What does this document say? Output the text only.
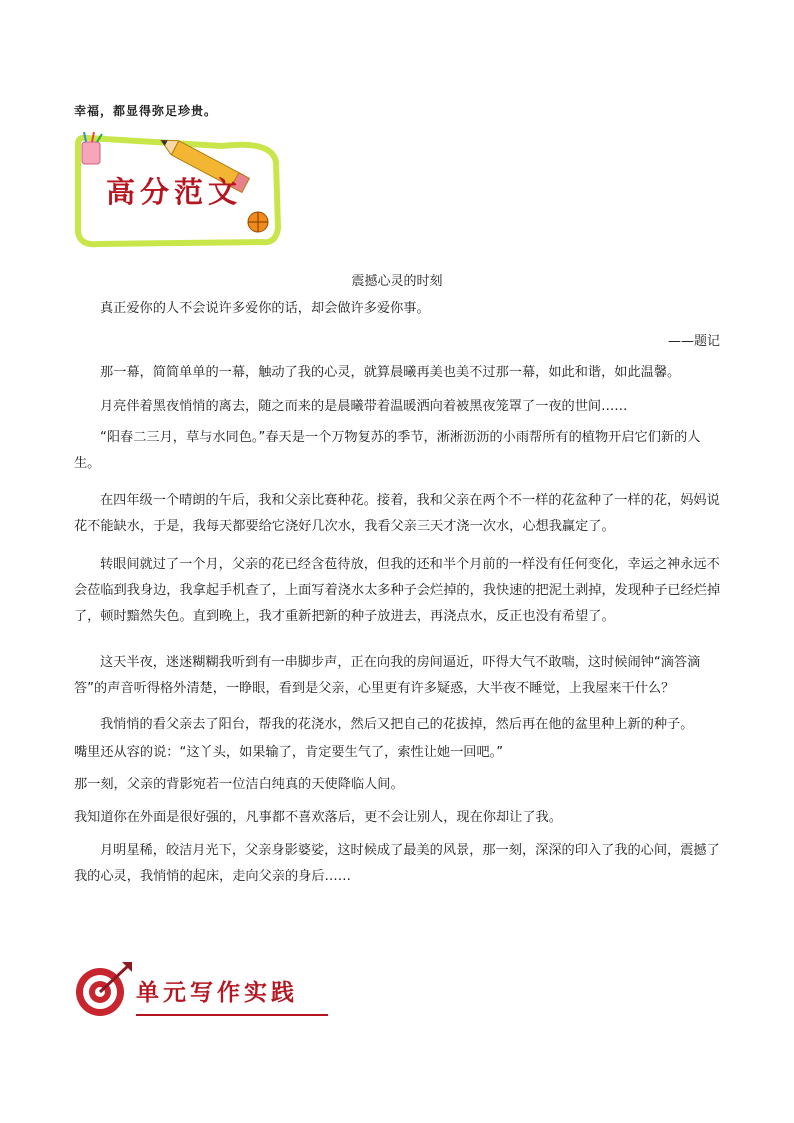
幸福，都显得弥足珍贵。
高分范文
震撼心灵的时刻
真正爱你的人不会说许多爱你的话，却会做许多爱你事。
——题记
那一幕，简简单单的一幕，触动了我的心灵，就算晨曦再美也美不过那一幕，如此和谐，如此温馨。
月亮伴着黑夜悄悄的离去，随之而来的是晨曦带着温暖洒向着被黑夜笼罩了一夜的世间……
“阳春二三月，草与水同色。”春天是一个万物复苏的季节，淅淅沥沥的小雨帮所有的植物开启它们新的人生。
在四年级一个晴朗的午后，我和父亲比赛种花。接着，我和父亲在两个不一样的花盆种了一样的花，妈妈说花不能缺水，于是，我每天都要给它浇好几次水，我看父亲三天才浇一次水，心想我赢定了。
转眼间就过了一个月，父亲的花已经含苞待放，但我的还和半个月前的一样没有任何变化，幸运之神永远不会莅临到我身边，我拿起手机查了，上面写着浇水太多种子会烂掉的，我快速的把泥土剥掉，发现种子已经烂掉了，顿时黯然失色。直到晚上，我才重新把新的种子放进去，再浇点水，反正也没有希望了。
这天半夜，迷迷糊糊我听到有一串脚步声，正在向我的房间逼近，吓得大气不敢喘，这时候闹钟“滴答滴答”的声音听得格外清楚，一睁眼，看到是父亲，心里更有许多疑惑，大半夜不睡觉，上我屋来干什么？
我悄悄的看父亲去了阳台，帮我的花浇水，然后又把自己的花拔掉，然后再在他的盆里种上新的种子。
嘴里还从容的说：“这丫头，如果输了，肯定要生气了，索性让她一回吧。”
那一刻，父亲的背影宛若一位洁白纯真的天使降临人间。
我知道你在外面是很好强的，凡事都不喜欢落后，更不会让别人，现在你却让了我。
月明星稀，皎洁月光下，父亲身影婆娑，这时候成了最美的风景，那一刻，深深的印入了我的心间，震撼了我的心灵，我悄悄的起床，走向父亲的身后……
单元写作实践
